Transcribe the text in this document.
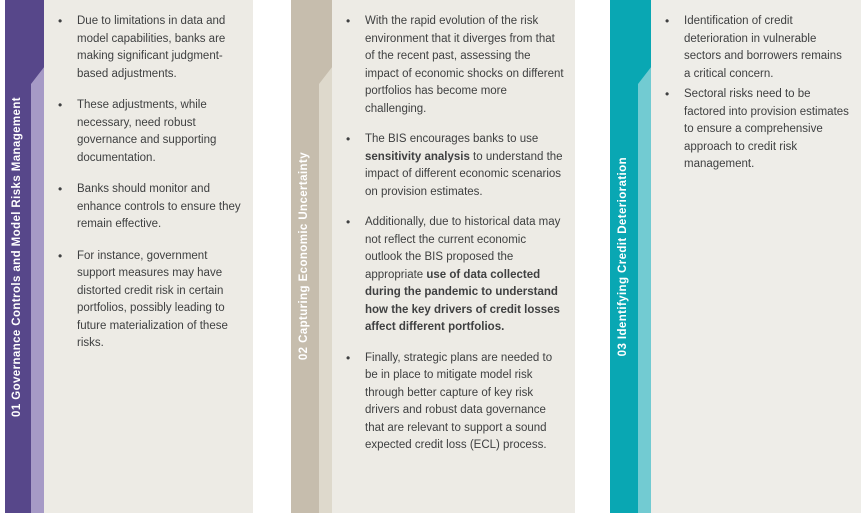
01 Governance Controls and Model Risks Management
• Due to limitations in data and model capabilities, banks are making significant judgment-based adjustments.
• These adjustments, while necessary, need robust governance and supporting documentation.
• Banks should monitor and enhance controls to ensure they remain effective.
• For instance, government support measures may have distorted credit risk in certain portfolios, possibly leading to future materialization of these risks.	02 Capturing Economic Uncertainty
• With the rapid evolution of the risk environment that it diverges from that of the recent past, assessing the impact of economic shocks on different portfolios has become more challenging.
• The BIS encourages banks to use sensitivity analysis to understand the impact of different economic scenarios on provision estimates.
• Additionally, due to historical data may not reflect the current economic outlook the BIS proposed the appropriate use of data collected during the pandemic to understand how the key drivers of credit losses affect different portfolios.
• Finally, strategic plans are needed to be in place to mitigate model risk through better capture of key risk drivers and robust data governance that are relevant to support a sound expected credit loss (ECL) process.
03 Identifying Credit Deterioration
• Identification of credit deterioration in vulnerable sectors and borrowers remains a critical concern.
• Sectoral risks need to be factored into provision estimates to ensure a comprehensive approach to credit risk management.
